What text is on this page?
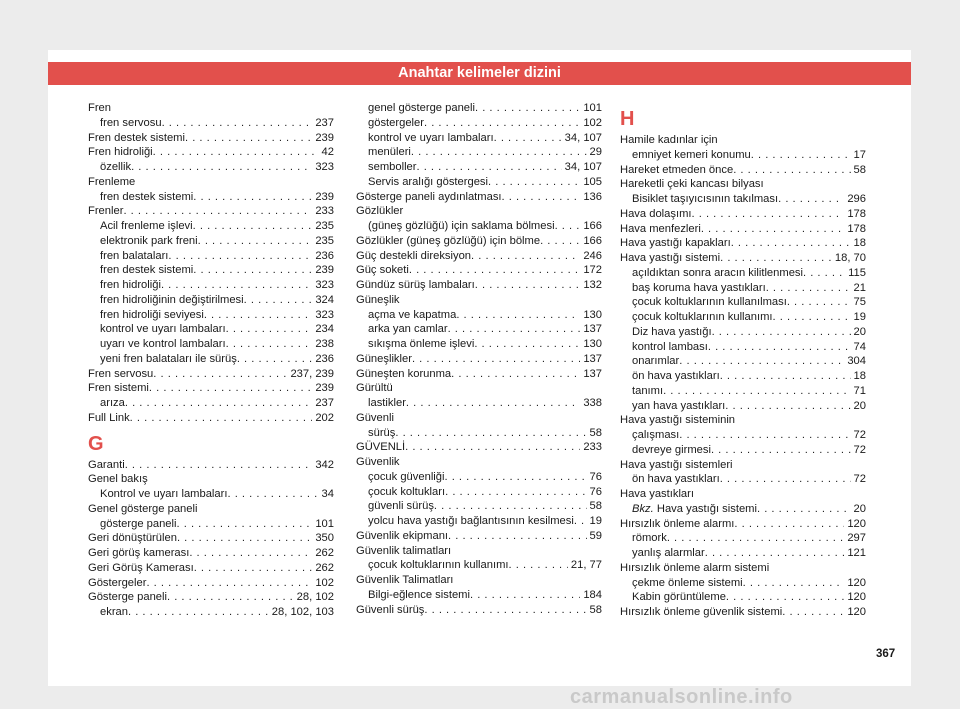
Anahtar kelimeler dizini
Fren
fren servosu . . .	237
Fren destek sistemi . . .	239
Fren hidroliği . . .	42
özellik . . .	323
Frenleme
fren destek sistemi . . .	239
Frenler . . .	233
Acil frenleme işlevi . . .	235
elektronik park freni . . .	235
fren balataları . . .	236
fren destek sistemi . . .	239
fren hidroliği . . .	323
fren hidroliğinin değiştirilmesi . . .	324
fren hidroliği seviyesi . . .	323
kontrol ve uyarı lambaları . . .	234
uyarı ve kontrol lambaları . . .	238
yeni fren balataları ile sürüş . . .	236
Fren servosu . . .	237, 239
Fren sistemi . . .	239
arıza . . .	237
Full Link . . .	202
G
Garanti . . .	342
Genel bakış
Kontrol ve uyarı lambaları . . .	34
Genel gösterge paneli
gösterge paneli . . .	101
Geri dönüştürülen . . .	350
Geri görüş kamerası . . .	262
Geri Görüş Kamerası . . .	262
Göstergeler . . .	102
Gösterge paneli . . .	28, 102
ekran . . .	28, 102, 103
genel gösterge paneli . . .	101
göstergeler . . .	102
kontrol ve uyarı lambaları . . .	34, 107
menüleri . . .	29
semboller . . .	34, 107
Servis aralığı göstergesi . . .	105
Gösterge paneli aydınlatması . . .	136
Gözlükler
(güneş gözlüğü) için saklama bölmesi . . .	166
Gözlükler (güneş gözlüğü) için bölme . . .	166
Güç destekli direksiyon . . .	246
Güç soketi . . .	172
Gündüz sürüş lambaları . . .	132
Güneşlik
açma ve kapatma . . .	130
arka yan camlar . . .	137
sıkışma önleme işlevi . . .	130
Güneşlikler . . .	137
Güneşten korunma . . .	137
Gürültü
lastikler . . .	338
Güvenli
sürüş . . .	58
GÜVENLİ . . .	233
Güvenlik
çocuk güvenliği . . .	76
çocuk koltukları . . .	76
güvenli sürüş . . .	58
yolcu hava yastığı bağlantısının kesilmesi . . . 19
Güvenlik ekipmanı . . .	59
Güvenlik talimatları
çocuk koltuklarının kullanımı . . .	21, 77
Güvenlik Talimatları
Bilgi-eğlence sistemi . . .	184
Güvenli sürüş . . .	58
H
Hamile kadınlar için
emniyet kemeri konumu . . .	17
Hareket etmeden önce . . .	58
Hareketli çeki kancası bilyası
Bisiklet taşıyıcısının takılması . . .	296
Hava dolaşımı . . .	178
Hava menfezleri . . .	178
Hava yastığı kapakları . . .	18
Hava yastığı sistemi . . .	18, 70
açıldıktan sonra aracın kilitlenmesi . . .	115
baş koruma hava yastıkları . . .	21
çocuk koltuklarının kullanılması . . .	75
çocuk koltuklarının kullanımı . . .	19
Diz hava yastığı . . .	20
kontrol lambası . . .	74
onarımlar . . .	304
ön hava yastıkları . . .	18
tanımı . . .	71
yan hava yastıkları . . .	20
Hava yastığı sisteminin
çalışması . . .	72
devreye girmesi . . .	72
Hava yastığı sistemleri
ön hava yastıkları . . .	72
Hava yastıkları
Bkz. Hava yastığı sistemi . . .	20
Hırsızlık önleme alarmı . . .	120
römork . . .	297
yanlış alarmlar . . .	121
Hırsızlık önleme alarm sistemi
çekme önleme sistemi . . .	120
Kabin görüntüleme . . .	120
Hırsızlık önleme güvenlik sistemi . . .	120
367
carmanualsonline.info
